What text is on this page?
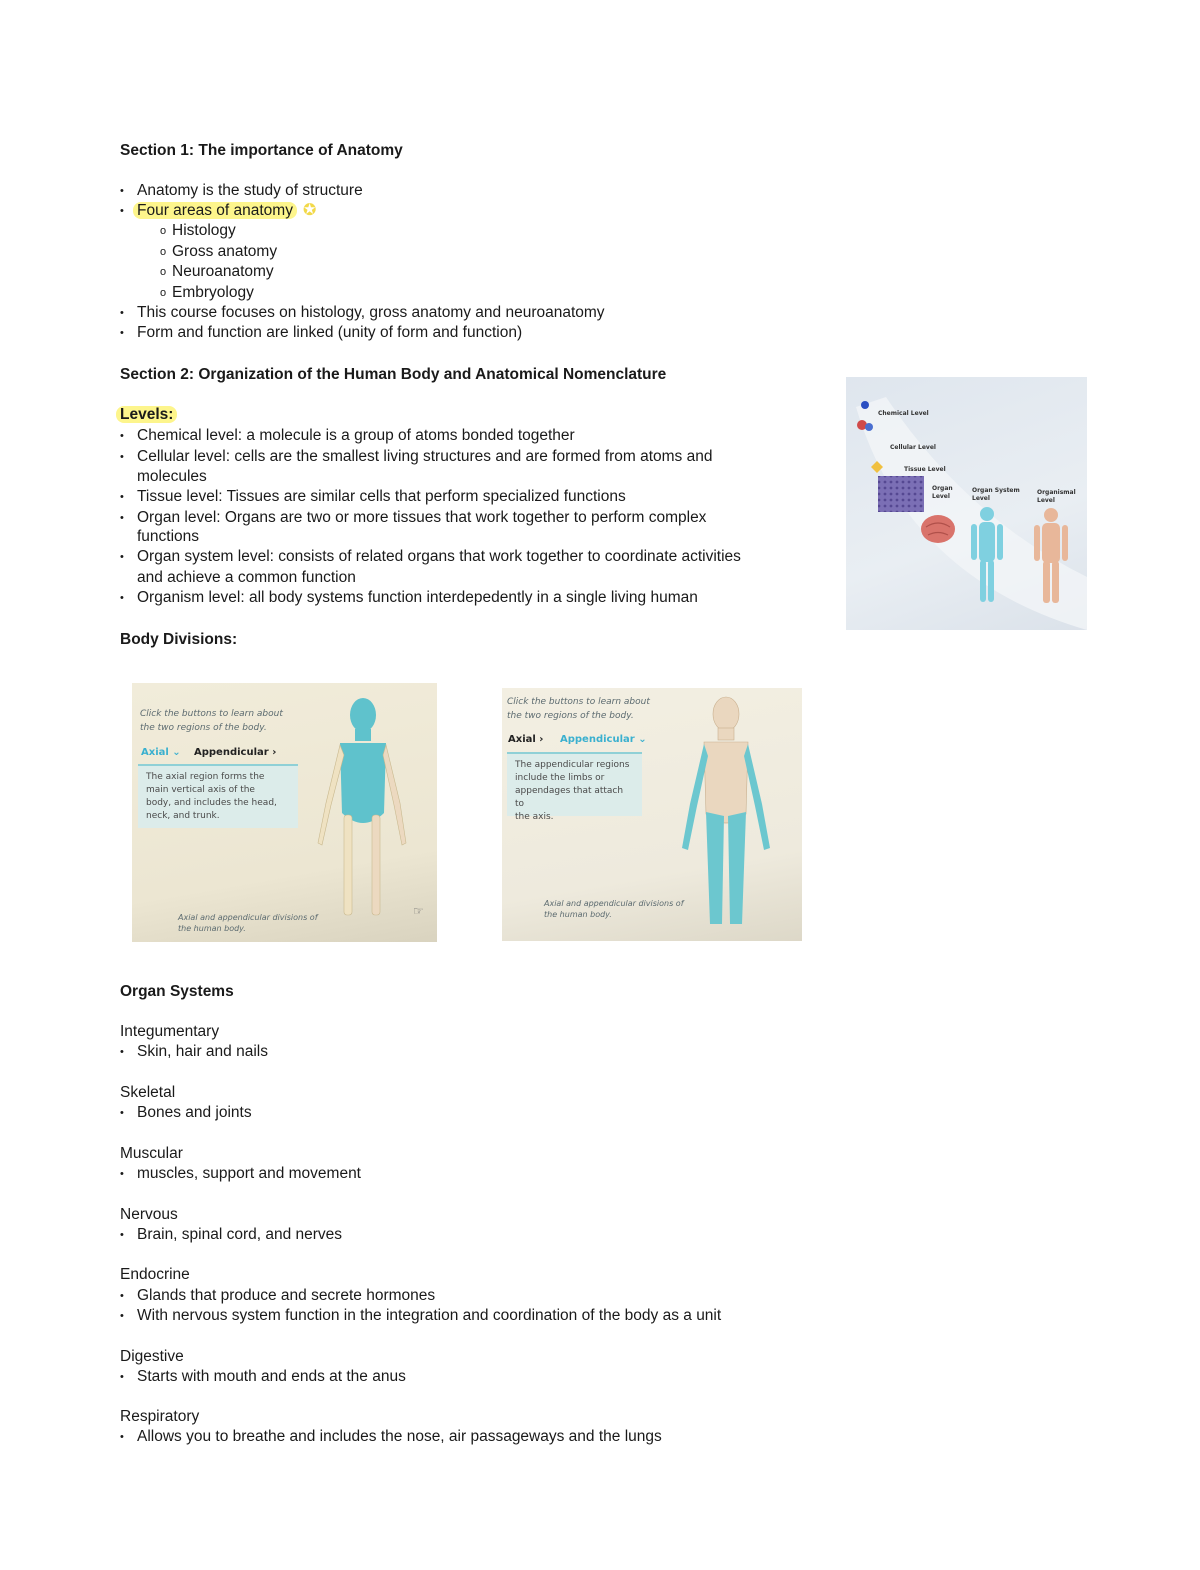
Section 1: The importance of Anatomy
• Anatomy is the study of structure
• Four areas of anatomy ✪
o Histology
o Gross anatomy
o Neuroanatomy
o Embryology
• This course focuses on histology, gross anatomy and neuroanatomy
• Form and function are linked (unity of form and function)
Section 2: Organization of the Human Body and Anatomical Nomenclature
Levels:
• Chemical level: a molecule is a group of atoms bonded together
• Cellular level: cells are the smallest living structures and are formed from atoms and
molecules
• Tissue level: Tissues are similar cells that perform specialized functions
• Organ level: Organs are two or more tissues that work together to perform complex
functions
• Organ system level: consists of related organs that work together to coordinate activities
and achieve a common function
• Organism level: all body systems function interdepedently in a single living human
Chemical Level
Cellular Level
Tissue Level
Organ
Level
Organ System
Level
Organismal
Level
Body Divisions:
Click the buttons to learn about
the two regions of the body.
Axial ⌄ Appendicular ›
The axial region forms the
main vertical axis of the
body, and includes the head,
neck, and trunk.
Axial and appendicular divisions of
the human body.
☞
Click the buttons to learn about
the two regions of the body.
Axial › Appendicular ⌄
The appendicular regions
include the limbs or
appendages that attach to
the axis.
Axial and appendicular divisions of
the human body.
Organ Systems
Integumentary
• Skin, hair and nails
Skeletal
• Bones and joints
Muscular
• muscles, support and movement
Nervous
• Brain, spinal cord, and nerves
Endocrine
• Glands that produce and secrete hormones
• With nervous system function in the integration and coordination of the body as a unit
Digestive
• Starts with mouth and ends at the anus
Respiratory
• Allows you to breathe and includes the nose, air passageways and the lungs
